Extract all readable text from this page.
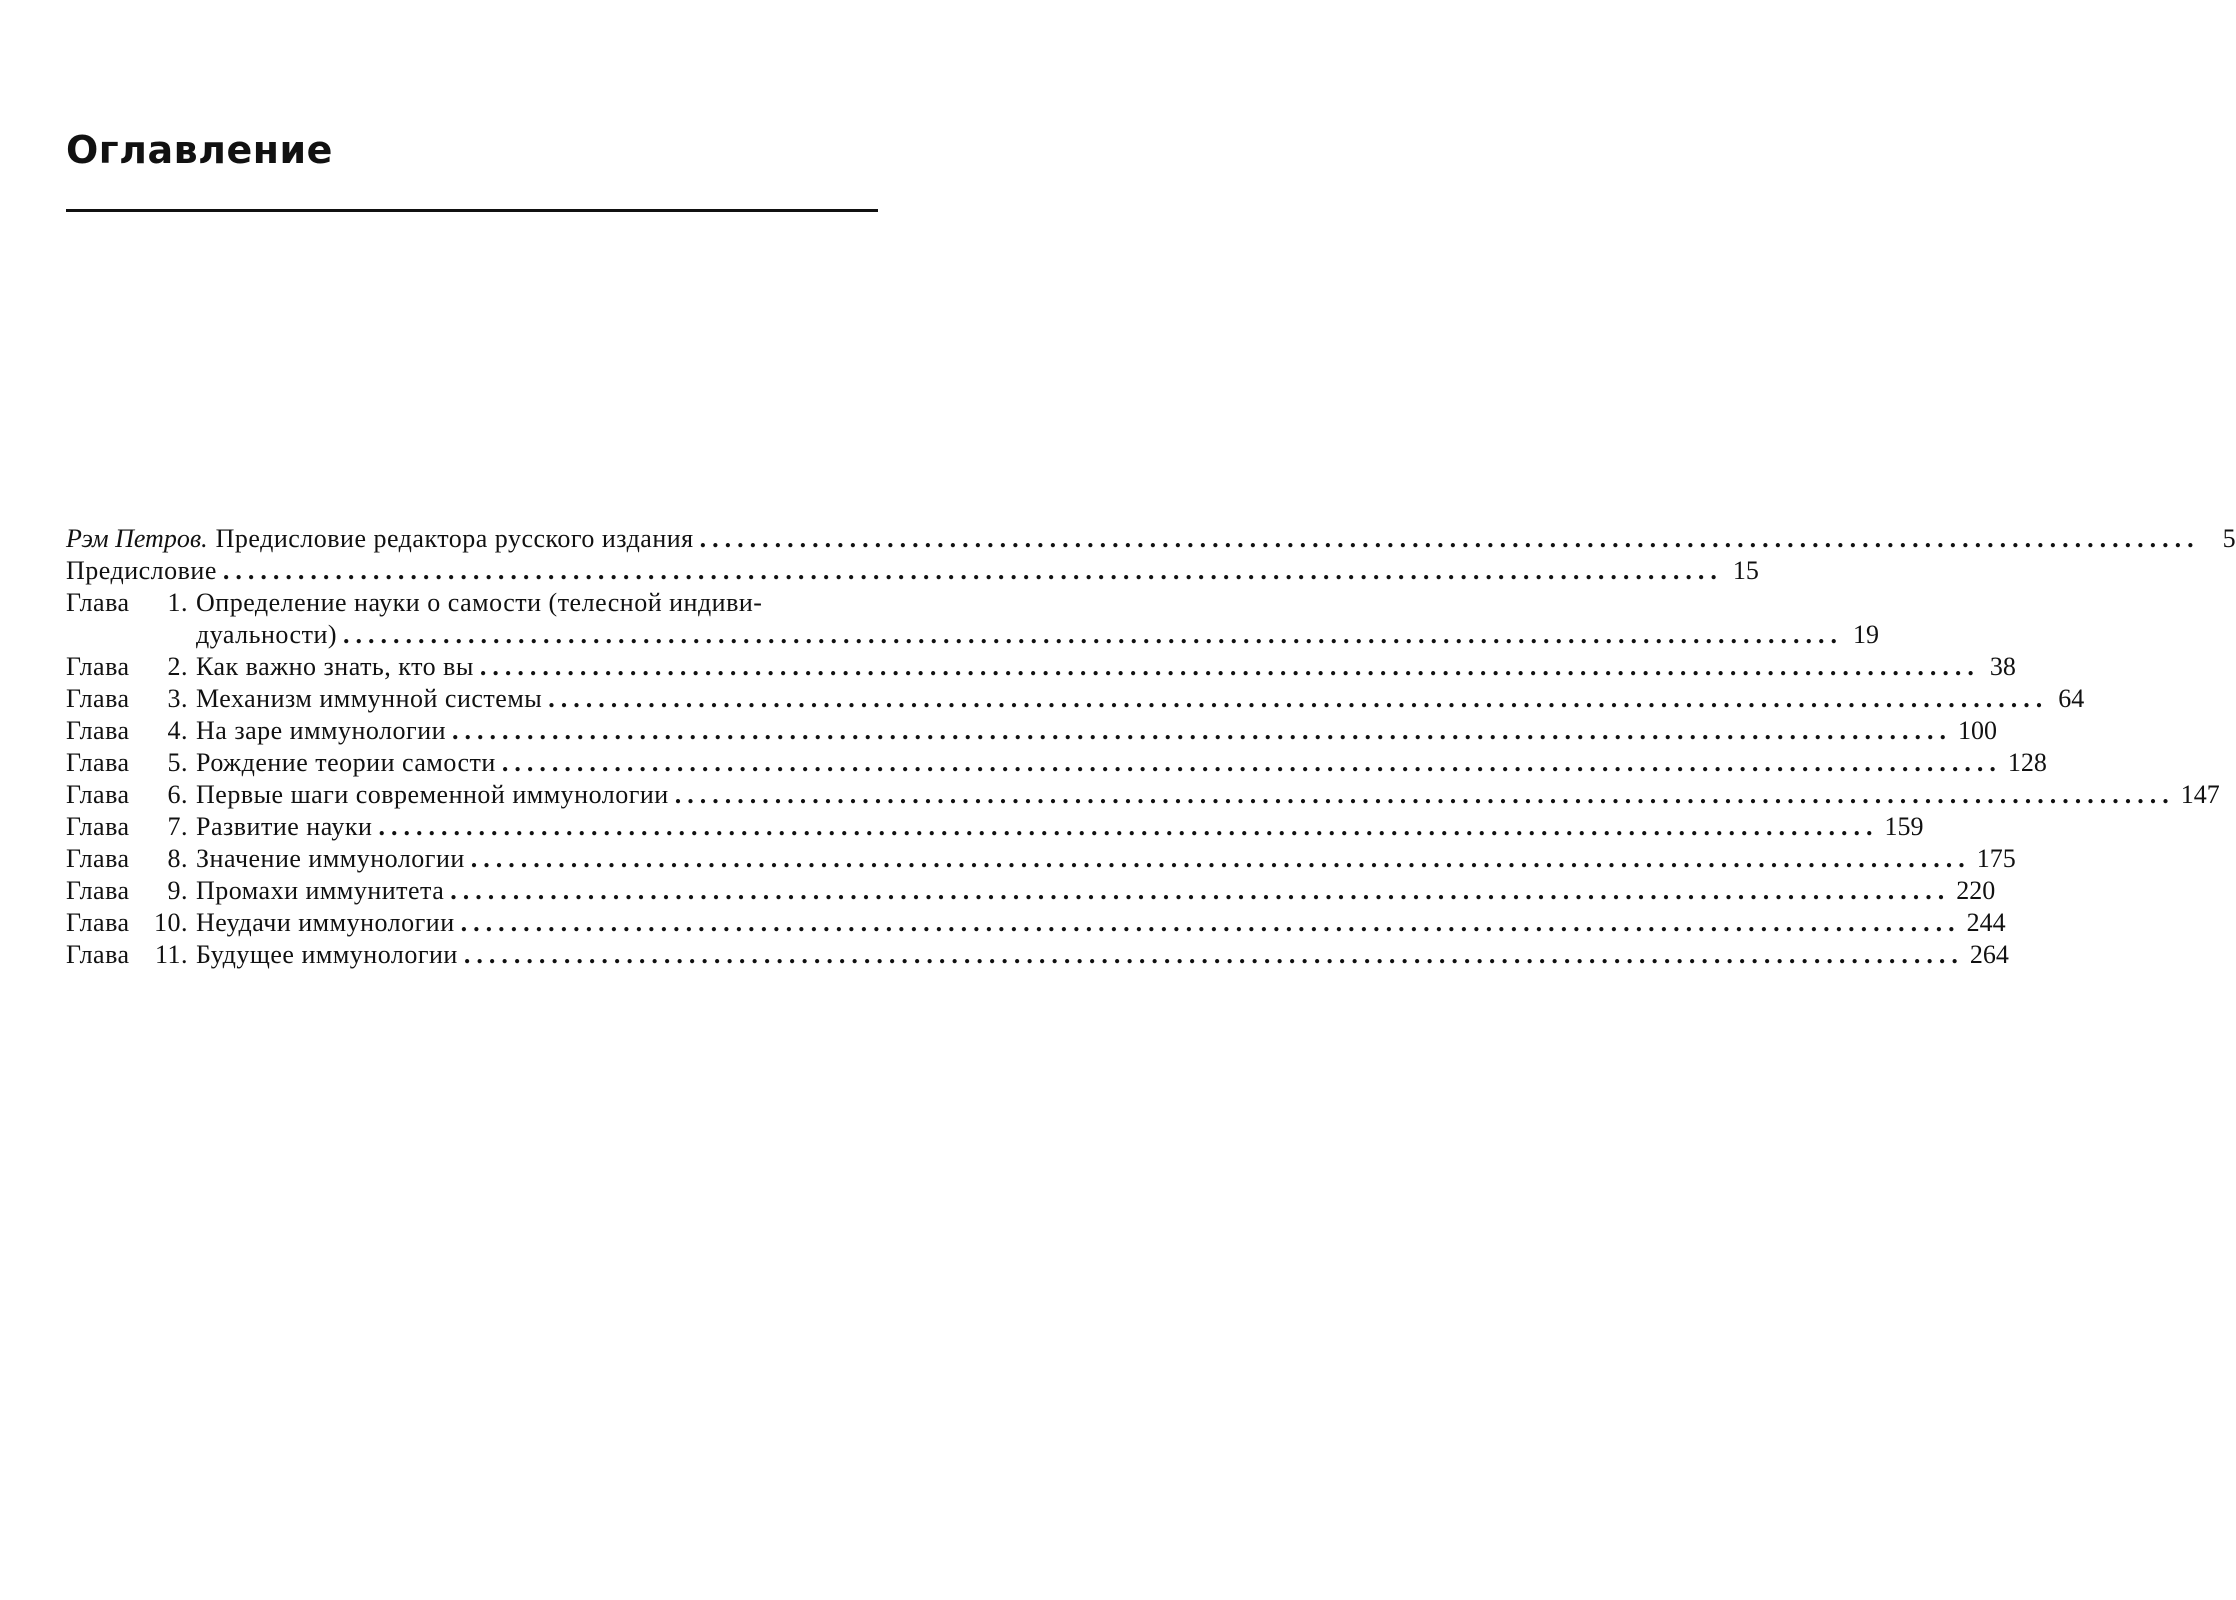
Оглавление
Рэм Петров. Предисловие редактора русского издания ........................................................................................................................ 5
Предисловие ........................................................................................................................ 15
Глава 1. Определение науки о самости (телесной индиви-
дуальности) ........................................................................................................................ 19
Глава 2. Как важно знать, кто вы ........................................................................................................................ 38
Глава 3. Механизм иммунной системы ........................................................................................................................ 64
Глава 4. На заре иммунологии ........................................................................................................................ 100
Глава 5. Рождение теории самости ........................................................................................................................ 128
Глава 6. Первые шаги современной иммунологии ........................................................................................................................ 147
Глава 7. Развитие науки ........................................................................................................................ 159
Глава 8. Значение иммунологии ........................................................................................................................ 175
Глава 9. Промахи иммунитета ........................................................................................................................ 220
Глава 10. Неудачи иммунологии ........................................................................................................................ 244
Глава 11. Будущее иммунологии ........................................................................................................................ 264
